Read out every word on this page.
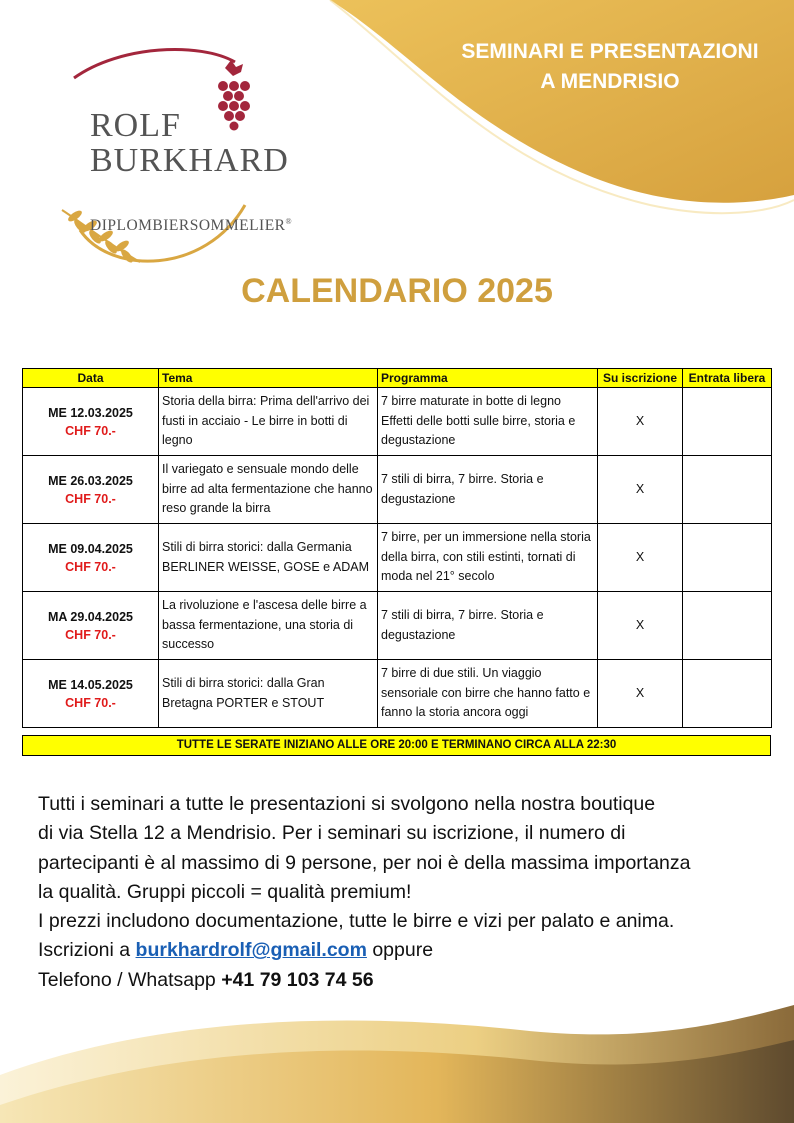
SEMINARI E PRESENTAZIONI
A MENDRISIO
ROLF
BURKHARD
DIPLOMBIERSOMMELIER®
CALENDARIO 2025
Data	Tema	Programma	Su iscrizione	Entrata libera

ME 12.03.2025
CHF 70.-	Storia della birra: Prima dell'arrivo dei fusti in acciaio - Le birre in botti di legno	7 birre maturate in botte di legno Effetti delle botti sulle birre, storia e degustazione	X	

ME 26.03.2025
CHF 70.-	Il variegato e sensuale mondo delle birre ad alta fermentazione che hanno reso grande la birra	7 stili di birra, 7 birre. Storia e degustazione	X	

ME 09.04.2025
CHF 70.-	Stili di birra storici: dalla Germania BERLINER WEISSE, GOSE e ADAM	7 birre, per un immersione nella storia della birra, con stili estinti, tornati di moda nel 21° secolo	X	

MA 29.04.2025
CHF 70.-	La rivoluzione e l'ascesa delle birre a bassa fermentazione, una storia di successo	7 stili di birra, 7 birre. Storia e degustazione	X	

ME 14.05.2025
CHF 70.-	Stili di birra storici: dalla Gran Bretagna PORTER e STOUT	7 birre di due stili. Un viaggio sensoriale con birre che hanno fatto e fanno la storia ancora oggi	X	
TUTTE LE SERATE INIZIANO ALLE ORE 20:00 E TERMINANO CIRCA ALLA 22:30
Tutti i seminari a tutte le presentazioni si svolgono nella nostra boutique
di via Stella 12 a Mendrisio. Per i seminari su iscrizione, il numero di
partecipanti è al massimo di 9 persone, per noi è della massima importanza
la qualità. Gruppi piccoli = qualità premium!
I prezzi includono documentazione, tutte le birre e vizi per palato e anima.
Iscrizioni a burkhardrolf@gmail.com oppure
Telefono / Whatsapp +41 79 103 74 56
